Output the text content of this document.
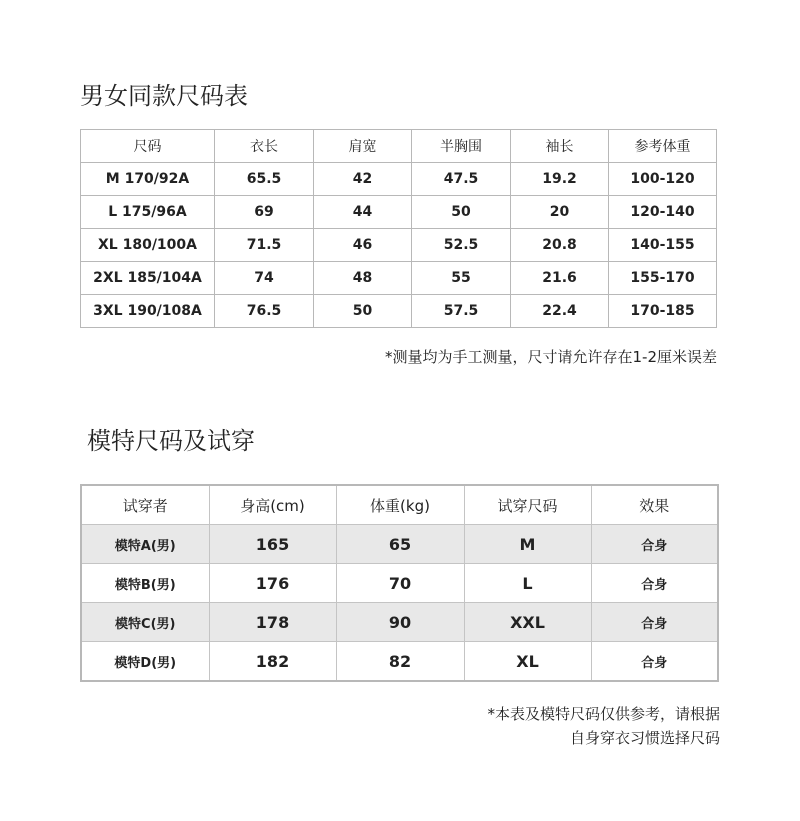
男女同款尺码表
尺码	衣长	肩宽	半胸围	袖长	参考体重
M 170/92A	65.5	42	47.5	19.2	100-120
L 175/96A	69	44	50	20	120-140
XL 180/100A	71.5	46	52.5	20.8	140-155
2XL 185/104A	74	48	55	21.6	155-170
3XL 190/108A	76.5	50	57.5	22.4	170-185

*测量均为手工测量，尺寸请允许存在1-2厘米误差

模特尺码及试穿
试穿者	身高(cm)	体重(kg)	试穿尺码	效果
模特A(男)	165	65	M	合身
模特B(男)	176	70	L	合身
模特C(男)	178	90	XXL	合身
模特D(男)	182	82	XL	合身
*本表及模特尺码仅供参考，请根据
自身穿衣习惯选择尺码
